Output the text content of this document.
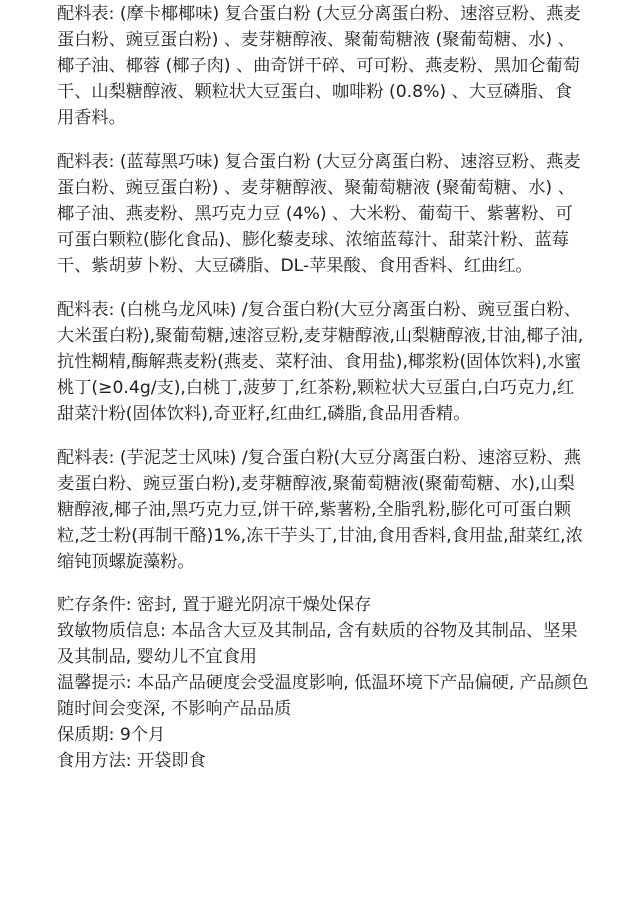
配料表: (摩卡椰椰味) 复合蛋白粉 (大豆分离蛋白粉、速溶豆粉、燕麦蛋白粉、豌豆蛋白粉) 、麦芽糖醇液、聚葡萄糖液 (聚葡萄糖、水) 、椰子油、椰蓉 (椰子肉) 、曲奇饼干碎、可可粉、燕麦粉、黑加仑葡萄干、山梨糖醇液、颗粒状大豆蛋白、咖啡粉 (0.8%) 、大豆磷脂、食用香料。

配料表: (蓝莓黑巧味) 复合蛋白粉 (大豆分离蛋白粉、速溶豆粉、燕麦蛋白粉、豌豆蛋白粉) 、麦芽糖醇液、聚葡萄糖液 (聚葡萄糖、水) 、椰子油、燕麦粉、黑巧克力豆 (4%) 、大米粉、葡萄干、紫薯粉、可可蛋白颗粒(膨化食品)、膨化藜麦球、浓缩蓝莓汁、甜菜汁粉、蓝莓干、紫胡萝卜粉、大豆磷脂、DL-苹果酸、食用香料、红曲红。

配料表: (白桃乌龙风味) /复合蛋白粉(大豆分离蛋白粉、豌豆蛋白粉、大米蛋白粉),聚葡萄糖,速溶豆粉,麦芽糖醇液,山梨糖醇液,甘油,椰子油,抗性糊精,酶解燕麦粉(燕麦、菜籽油、食用盐),椰浆粉(固体饮料),水蜜桃丁(≥0.4g/支),白桃丁,菠萝丁,红茶粉,颗粒状大豆蛋白,白巧克力,红甜菜汁粉(固体饮料),奇亚籽,红曲红,磷脂,食品用香精。

配料表: (芋泥芝士风味) /复合蛋白粉(大豆分离蛋白粉、速溶豆粉、燕麦蛋白粉、豌豆蛋白粉),麦芽糖醇液,聚葡萄糖液(聚葡萄糖、水),山梨糖醇液,椰子油,黑巧克力豆,饼干碎,紫薯粉,全脂乳粉,膨化可可蛋白颗粒,芝士粉(再制干酪)1%,冻干芋头丁,甘油,食用香料,食用盐,甜菜红,浓缩钝顶螺旋藻粉。

贮存条件: 密封, 置于避光阴凉干燥处保存

致敏物质信息: 本品含大豆及其制品, 含有麸质的谷物及其制品、坚果及其制品, 婴幼儿不宜食用

温馨提示: 本品产品硬度会受温度影响, 低温环境下产品偏硬, 产品颜色随时间会变深, 不影响产品品质

保质期: 9个月

食用方法: 开袋即食
